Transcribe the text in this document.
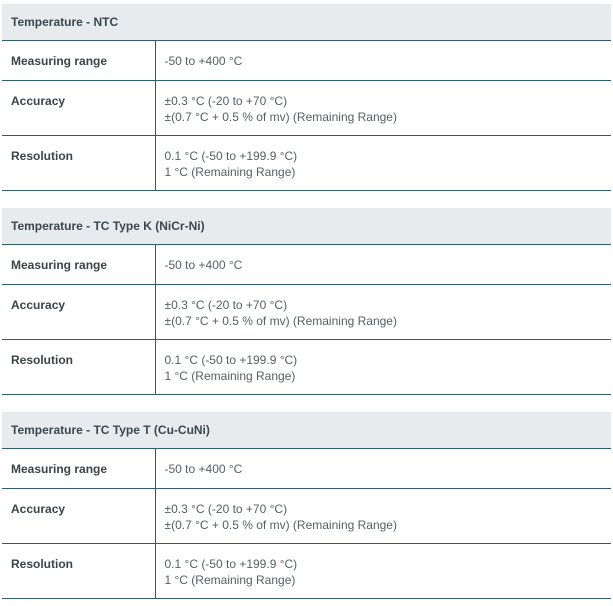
Temperature - NTC	
Measuring range	-50 to +400 °C

Accuracy	±0.3 °C (-20 to +70 °C)
±(0.7 °C + 0.5 % of mv) (Remaining Range)

Resolution	0.1 °C (-50 to +199.9 °C)
1 °C (Remaining Range)
Temperature - TC Type K (NiCr-Ni)	
Measuring range	-50 to +400 °C

Accuracy	±0.3 °C (-20 to +70 °C)
±(0.7 °C + 0.5 % of mv) (Remaining Range)

Resolution	0.1 °C (-50 to +199.9 °C)
1 °C (Remaining Range)
Temperature - TC Type T (Cu-CuNi)	
Measuring range	-50 to +400 °C

Accuracy	±0.3 °C (-20 to +70 °C)
±(0.7 °C + 0.5 % of mv) (Remaining Range)

Resolution	0.1 °C (-50 to +199.9 °C)
1 °C (Remaining Range)
